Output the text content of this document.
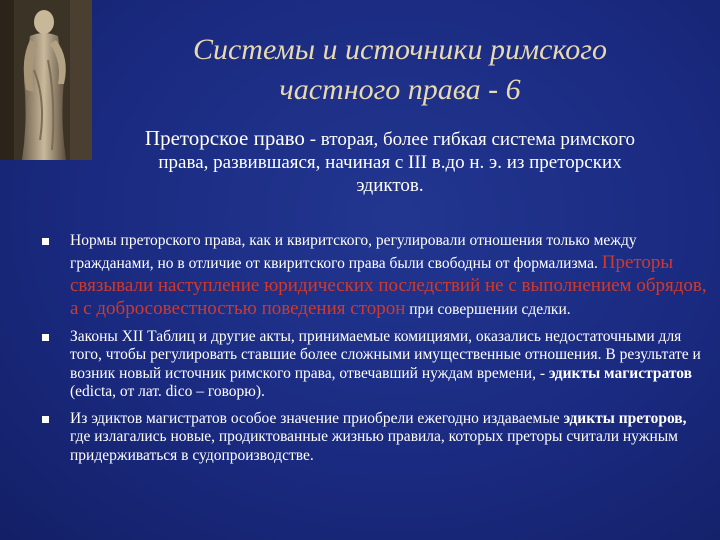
Системы и источники римского
частного права - 6
Преторское право - вторая, более гибкая система римского
права, развившаяся, начиная с III в.до н. э. из преторских
эдиктов.
Нормы преторского права, как и квиритского, регулировали отношения только между гражданами, но в отличие от квиритского права были свободны от формализма. Преторы связывали наступление юридических последствий не с выполнением обрядов, а с добросовестностью поведения сторон при совершении сделки.
Законы XII Таблиц и другие акты, принимаемые комициями, оказались недостаточными для того, чтобы регулировать ставшие более сложными имущественные отношения. В результате и возник новый источник римского права, отвечавший нуждам времени, - эдикты магистратов (edicta, от лат. dico – говорю).
Из эдиктов магистратов особое значение приобрели ежегодно издаваемые эдикты преторов, где излагались новые, продиктованные жизнью правила, которых преторы считали нужным придерживаться в судопроизводстве.
